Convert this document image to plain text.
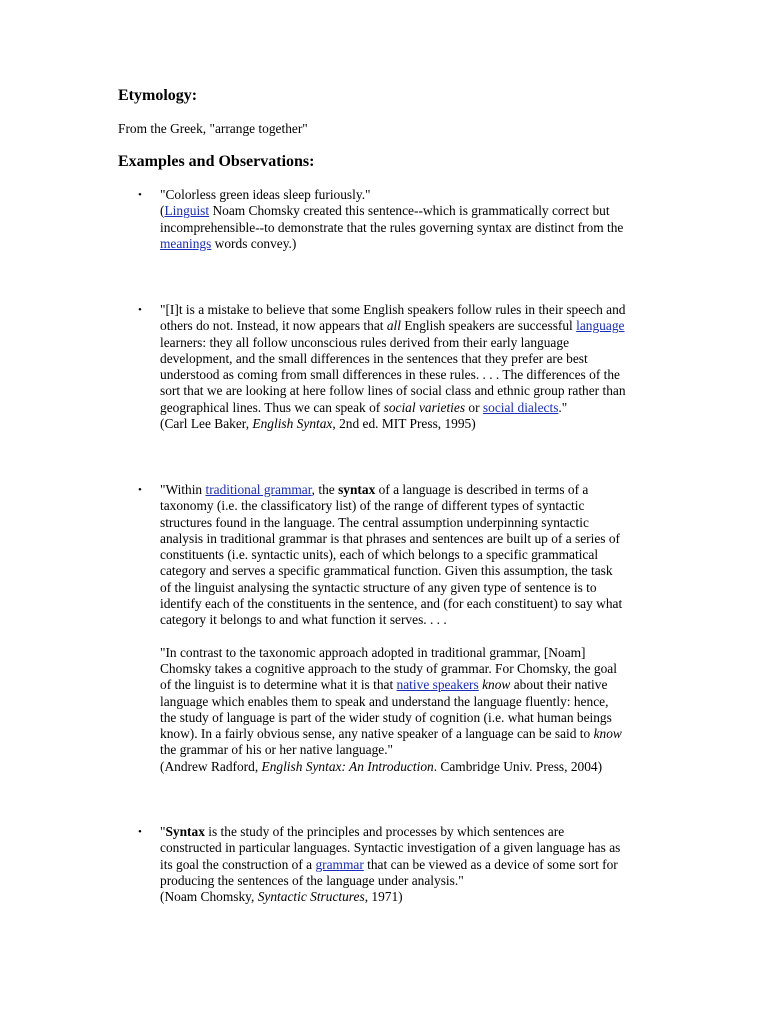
Etymology:
From the Greek, "arrange together"
Examples and Observations:
• "Colorless green ideas sleep furiously."
(Linguist Noam Chomsky created this sentence--which is grammatically correct but
incomprehensible--to demonstrate that the rules governing syntax are distinct from the
meanings words convey.)
• "[I]t is a mistake to believe that some English speakers follow rules in their speech and
others do not. Instead, it now appears that all English speakers are successful language
learners: they all follow unconscious rules derived from their early language
development, and the small differences in the sentences that they prefer are best
understood as coming from small differences in these rules. . . . The differences of the
sort that we are looking at here follow lines of social class and ethnic group rather than
geographical lines. Thus we can speak of social varieties or social dialects."
(Carl Lee Baker, English Syntax, 2nd ed. MIT Press, 1995)
• "Within traditional grammar, the syntax of a language is described in terms of a
taxonomy (i.e. the classificatory list) of the range of different types of syntactic
structures found in the language. The central assumption underpinning syntactic
analysis in traditional grammar is that phrases and sentences are built up of a series of
constituents (i.e. syntactic units), each of which belongs to a specific grammatical
category and serves a specific grammatical function. Given this assumption, the task
of the linguist analysing the syntactic structure of any given type of sentence is to
identify each of the constituents in the sentence, and (for each constituent) to say what
category it belongs to and what function it serves. . . .
"In contrast to the taxonomic approach adopted in traditional grammar, [Noam]
Chomsky takes a cognitive approach to the study of grammar. For Chomsky, the goal
of the linguist is to determine what it is that native speakers know about their native
language which enables them to speak and understand the language fluently: hence,
the study of language is part of the wider study of cognition (i.e. what human beings
know). In a fairly obvious sense, any native speaker of a language can be said to know
the grammar of his or her native language."
(Andrew Radford, English Syntax: An Introduction. Cambridge Univ. Press, 2004)
• "Syntax is the study of the principles and processes by which sentences are
constructed in particular languages. Syntactic investigation of a given language has as
its goal the construction of a grammar that can be viewed as a device of some sort for
producing the sentences of the language under analysis."
(Noam Chomsky, Syntactic Structures, 1971)
